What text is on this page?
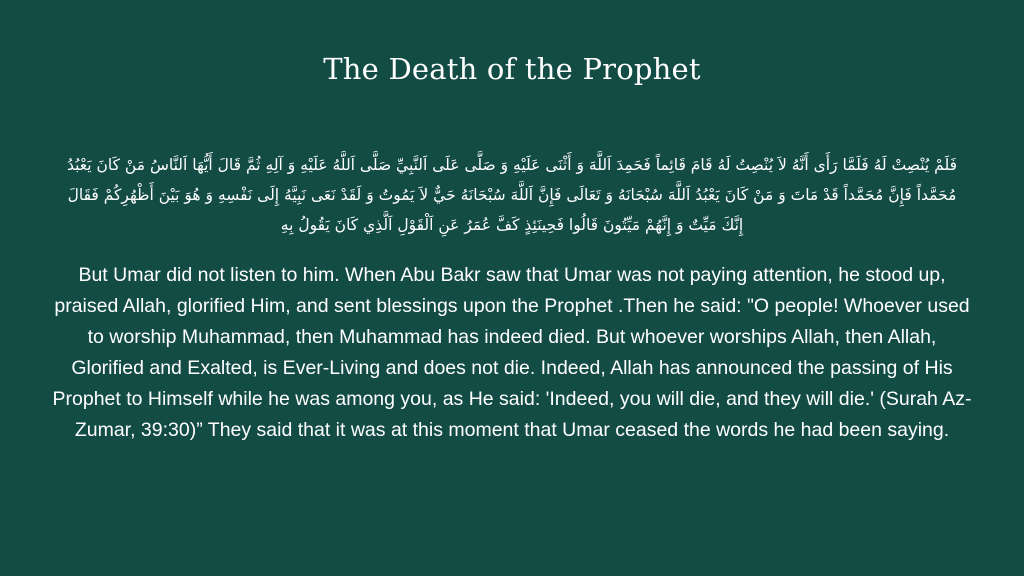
The Death of the Prophet

فَلَمْ يُنْصِتْ لَهُ فَلَمَّا رَأَى أَنَّهُ لاَ يُنْصِتُ لَهُ قَامَ قَائِماً فَحَمِدَ اَللَّهَ وَ أَثْنَى عَلَيْهِ وَ صَلَّى عَلَى اَلنَّبِيِّ صَلَّى اَللَّهُ عَلَيْهِ وَ آلِهِ ثُمَّ قَالَ أَيُّهَا اَلنَّاسُ مَنْ كَانَ يَعْبُدُ مُحَمَّداً فَإِنَّ مُحَمَّداً قَدْ مَاتَ وَ مَنْ كَانَ يَعْبُدُ اَللَّهَ سُبْحَانَهُ وَ تَعَالَى فَإِنَّ اَللَّهَ سُبْحَانَهُ حَيٌّ لاَ يَمُوتُ وَ لَقَدْ نَعَى نَبِيَّهُ إِلَى نَفْسِهِ وَ هُوَ بَيْنَ أَظْهُرِكُمْ فَقَالَ إِنَّكَ مَيِّتٌ وَ إِنَّهُمْ مَيِّتُونَ قَالُوا فَحِينَئِذٍ كَفَّ عُمَرُ عَنِ اَلْقَوْلِ اَلَّذِي كَانَ يَقُولُ بِهِ

But Umar did not listen to him. When Abu Bakr saw that Umar was not paying attention, he stood up, praised Allah, glorified Him, and sent blessings upon the Prophet .Then he said: "O people! Whoever used to worship Muhammad, then Muhammad has indeed died. But whoever worships Allah, then Allah, Glorified and Exalted, is Ever-Living and does not die. Indeed, Allah has announced the passing of His Prophet to Himself while he was among you, as He said: 'Indeed, you will die, and they will die.' (Surah Az-Zumar, 39:30)” They said that it was at this moment that Umar ceased the words he had been saying.
